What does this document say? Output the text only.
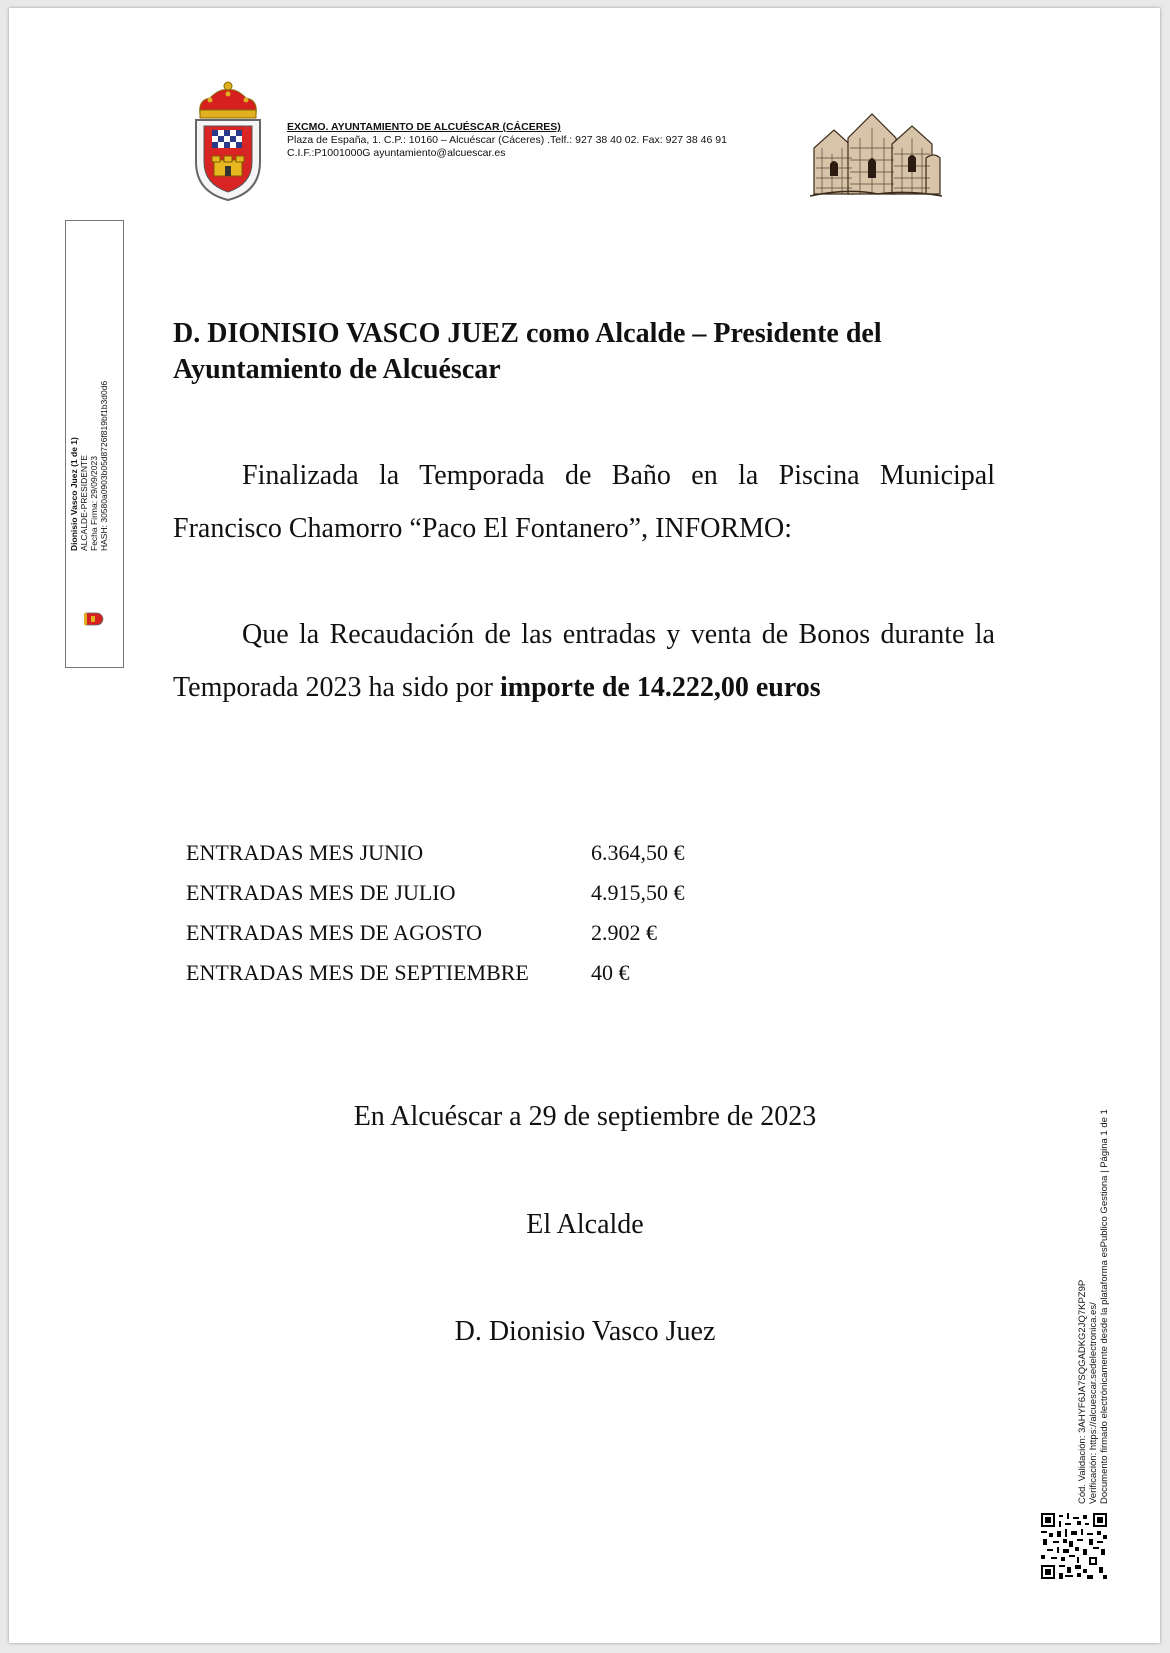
✝	✝	EXCMO. AYUNTAMIENTO DE ALCUÉSCAR (CÁCERES)
Plaza de España, 1. C.P.: 10160 – Alcuéscar (Cáceres) .Telf.: 927 38 40 02. Fax: 927 38 46 91
C.I.F.:P1001000G ayuntamiento@alcuescar.es
Dionisio Vasco Juez (1 de 1) ALCALDE-PRESIDENTE Fecha Firma: 29/09/2023 HASH: 30580a0903b05d8726f819bf1b3d0d6
D. DIONISIO VASCO JUEZ como Alcalde – Presidente del
Ayuntamiento de Alcuéscar
Finalizada la Temporada de Baño en la Piscina Municipal Francisco Chamorro “Paco El Fontanero”, INFORMO:
Que la Recaudación de las entradas y venta de Bonos durante la Temporada 2023 ha sido por importe de 14.222,00 euros
ENTRADAS MES JUNIO	6.364,50 €
ENTRADAS MES DE JULIO	4.915,50 €
ENTRADAS MES DE AGOSTO	2.902 €
ENTRADAS MES DE SEPTIEMBRE	40 €
En Alcuéscar a 29 de septiembre de 2023
El Alcalde
D. Dionisio Vasco Juez	Cód. Validación: 3AHYF6JA7SQGADKG2JQ7KPZ9P Verificación: https://alcuescar.sedelectronica.es/ Documento firmado electrónicamente desde la plataforma esPublico Gestiona | Página 1 de 1
